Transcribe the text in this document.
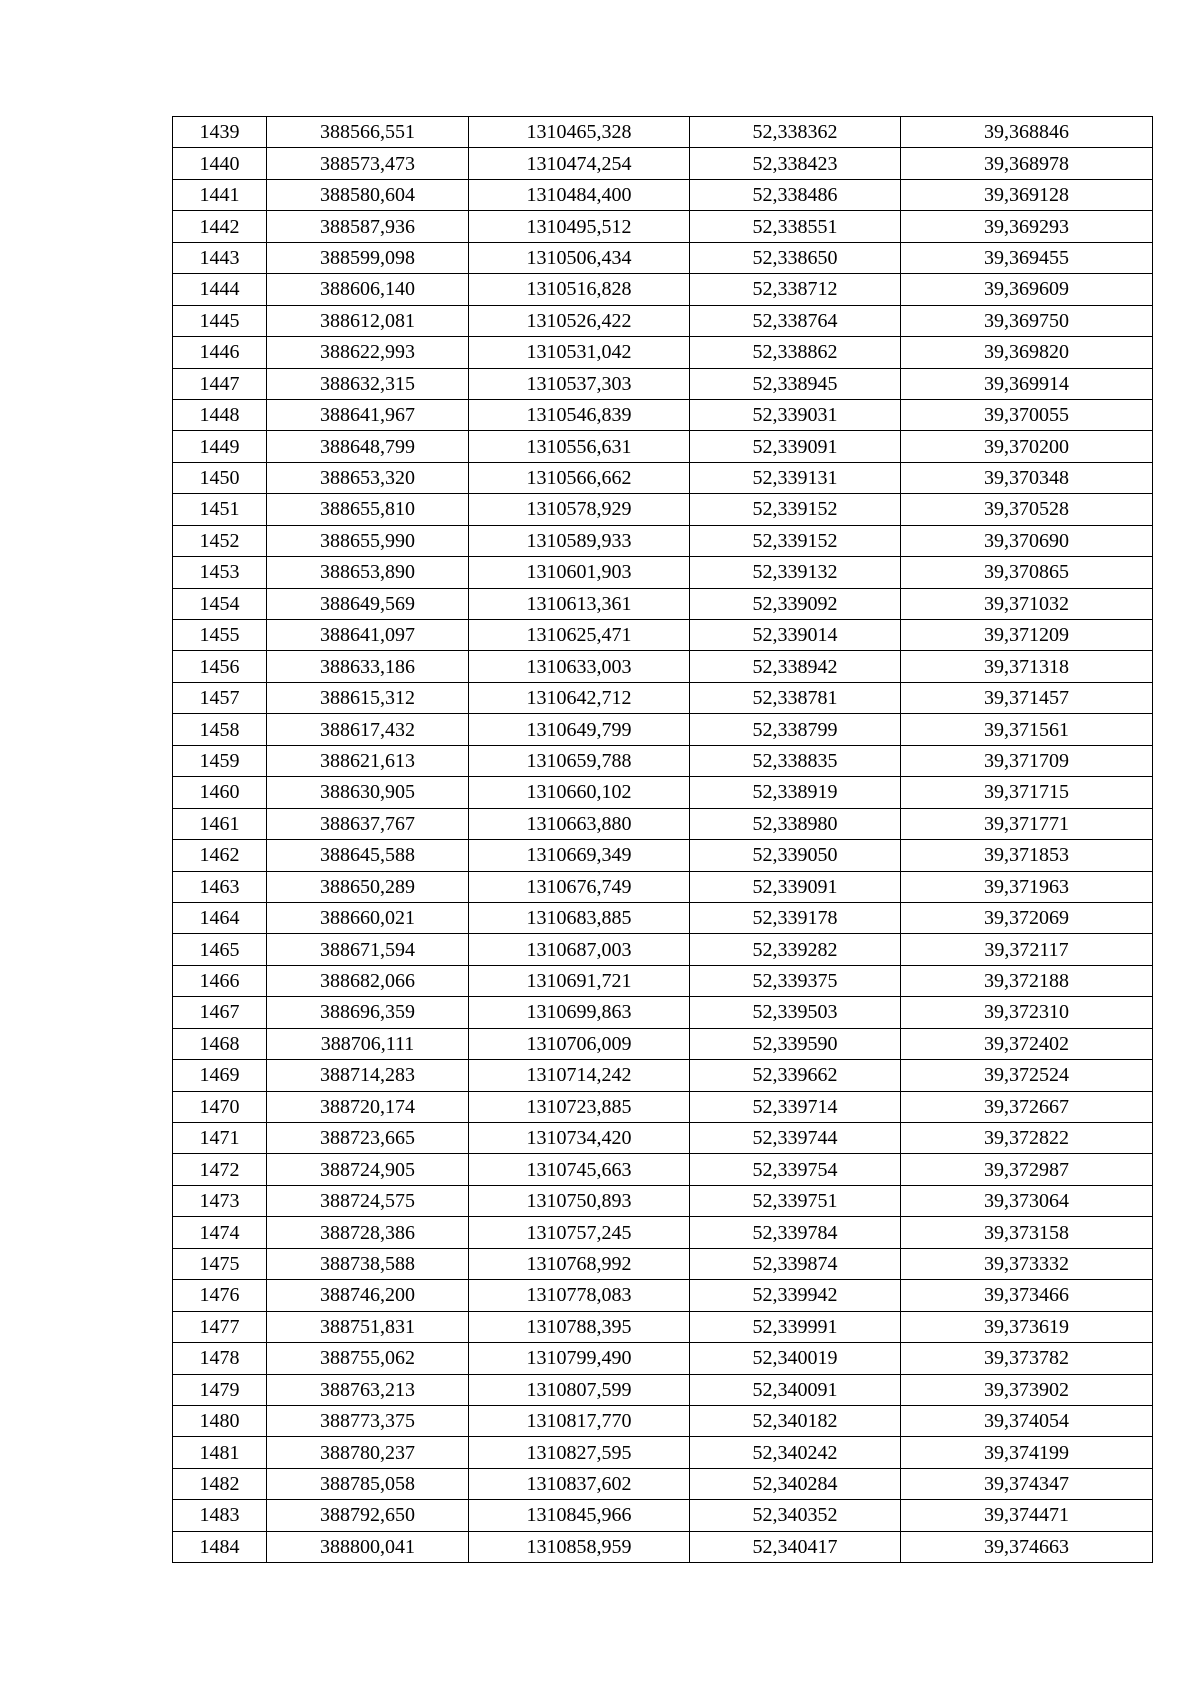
1439	388566,551	1310465,328	52,338362	39,368846
1440	388573,473	1310474,254	52,338423	39,368978
1441	388580,604	1310484,400	52,338486	39,369128
1442	388587,936	1310495,512	52,338551	39,369293
1443	388599,098	1310506,434	52,338650	39,369455
1444	388606,140	1310516,828	52,338712	39,369609
1445	388612,081	1310526,422	52,338764	39,369750
1446	388622,993	1310531,042	52,338862	39,369820
1447	388632,315	1310537,303	52,338945	39,369914
1448	388641,967	1310546,839	52,339031	39,370055
1449	388648,799	1310556,631	52,339091	39,370200
1450	388653,320	1310566,662	52,339131	39,370348
1451	388655,810	1310578,929	52,339152	39,370528
1452	388655,990	1310589,933	52,339152	39,370690
1453	388653,890	1310601,903	52,339132	39,370865
1454	388649,569	1310613,361	52,339092	39,371032
1455	388641,097	1310625,471	52,339014	39,371209
1456	388633,186	1310633,003	52,338942	39,371318
1457	388615,312	1310642,712	52,338781	39,371457
1458	388617,432	1310649,799	52,338799	39,371561
1459	388621,613	1310659,788	52,338835	39,371709
1460	388630,905	1310660,102	52,338919	39,371715
1461	388637,767	1310663,880	52,338980	39,371771
1462	388645,588	1310669,349	52,339050	39,371853
1463	388650,289	1310676,749	52,339091	39,371963
1464	388660,021	1310683,885	52,339178	39,372069
1465	388671,594	1310687,003	52,339282	39,372117
1466	388682,066	1310691,721	52,339375	39,372188
1467	388696,359	1310699,863	52,339503	39,372310
1468	388706,111	1310706,009	52,339590	39,372402
1469	388714,283	1310714,242	52,339662	39,372524
1470	388720,174	1310723,885	52,339714	39,372667
1471	388723,665	1310734,420	52,339744	39,372822
1472	388724,905	1310745,663	52,339754	39,372987
1473	388724,575	1310750,893	52,339751	39,373064
1474	388728,386	1310757,245	52,339784	39,373158
1475	388738,588	1310768,992	52,339874	39,373332
1476	388746,200	1310778,083	52,339942	39,373466
1477	388751,831	1310788,395	52,339991	39,373619
1478	388755,062	1310799,490	52,340019	39,373782
1479	388763,213	1310807,599	52,340091	39,373902
1480	388773,375	1310817,770	52,340182	39,374054
1481	388780,237	1310827,595	52,340242	39,374199
1482	388785,058	1310837,602	52,340284	39,374347
1483	388792,650	1310845,966	52,340352	39,374471
1484	388800,041	1310858,959	52,340417	39,374663
